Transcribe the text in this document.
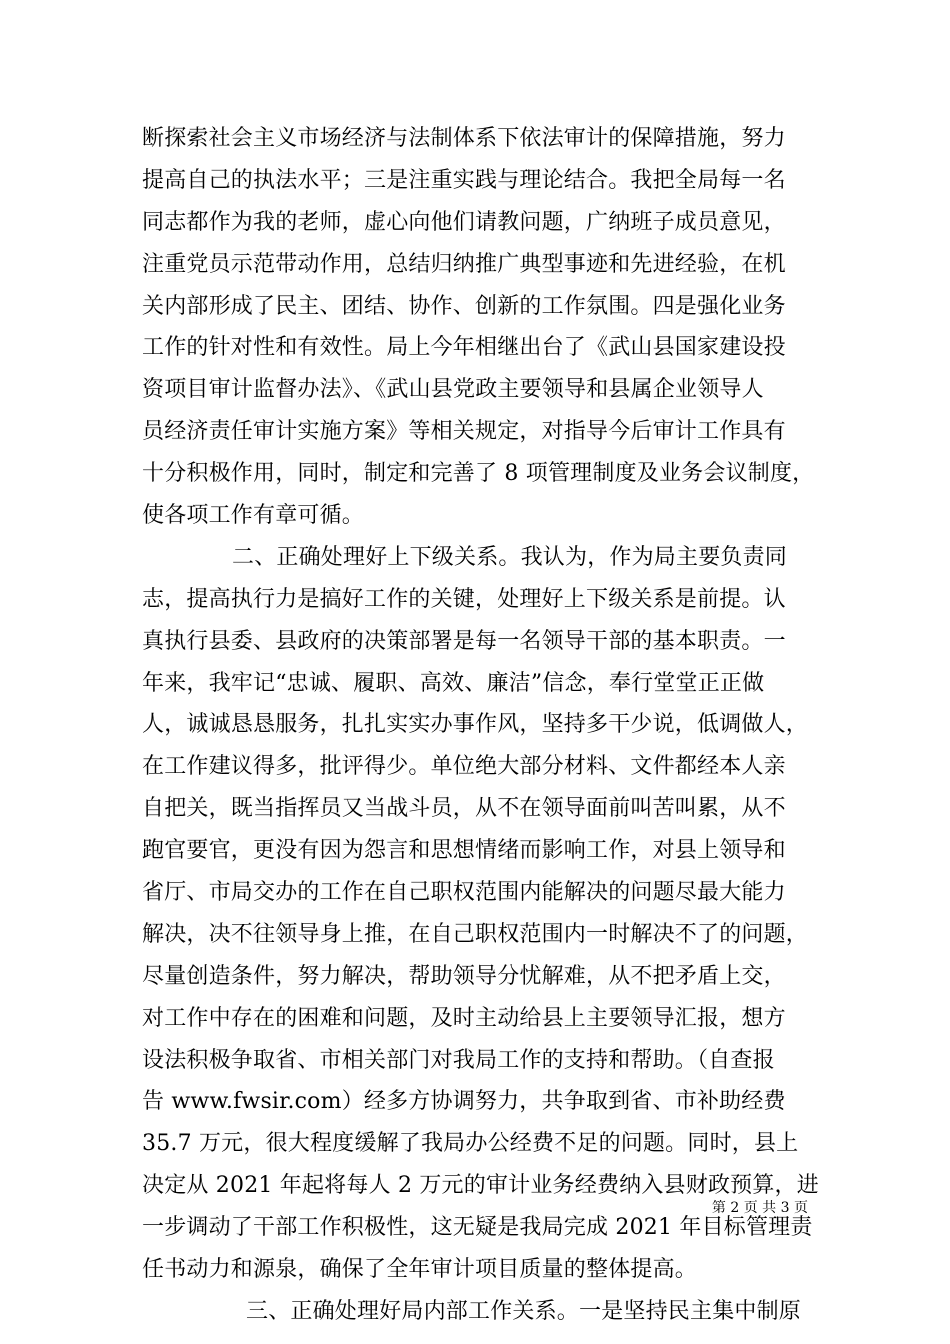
断探索社会主义市场经济与法制体系下依法审计的保障措施，努力
提高自己的执法水平；三是注重实践与理论结合。我把全局每一名
同志都作为我的老师，虚心向他们请教问题，广纳班子成员意见，
注重党员示范带动作用，总结归纳推广典型事迹和先进经验，在机
关内部形成了民主、团结、协作、创新的工作氛围。四是强化业务
工作的针对性和有效性。局上今年相继出台了《武山县国家建设投
资项目审计监督办法》、《武山县党政主要领导和县属企业领导人
员经济责任审计实施方案》等相关规定，对指导今后审计工作具有
十分积极作用，同时，制定和完善了 8 项管理制度及业务会议制度，
使各项工作有章可循。
二、正确处理好上下级关系。我认为，作为局主要负责同
志，提高执行力是搞好工作的关键，处理好上下级关系是前提。认
真执行县委、县政府的决策部署是每一名领导干部的基本职责。一
年来，我牢记“忠诚、履职、高效、廉洁”信念，奉行堂堂正正做
人，诚诚恳恳服务，扎扎实实办事作风，坚持多干少说，低调做人，
在工作建议得多，批评得少。单位绝大部分材料、文件都经本人亲
自把关，既当指挥员又当战斗员，从不在领导面前叫苦叫累，从不
跑官要官，更没有因为怨言和思想情绪而影响工作，对县上领导和
省厅、市局交办的工作在自己职权范围内能解决的问题尽最大能力
解决，决不往领导身上推，在自己职权范围内一时解决不了的问题，
尽量创造条件，努力解决，帮助领导分忧解难，从不把矛盾上交，
对工作中存在的困难和问题，及时主动给县上主要领导汇报，想方
设法积极争取省、市相关部门对我局工作的支持和帮助。（自查报
告 www.fwsir.com）经多方协调努力，共争取到省、市补助经费
35.7 万元，很大程度缓解了我局办公经费不足的问题。同时，县上
决定从 2021 年起将每人 2 万元的审计业务经费纳入县财政预算，进
一步调动了干部工作积极性，这无疑是我局完成 2021 年目标管理责
任书动力和源泉，确保了全年审计项目质量的整体提高。
三、正确处理好局内部工作关系。一是坚持民主集中制原
第 2 页 共 3 页
